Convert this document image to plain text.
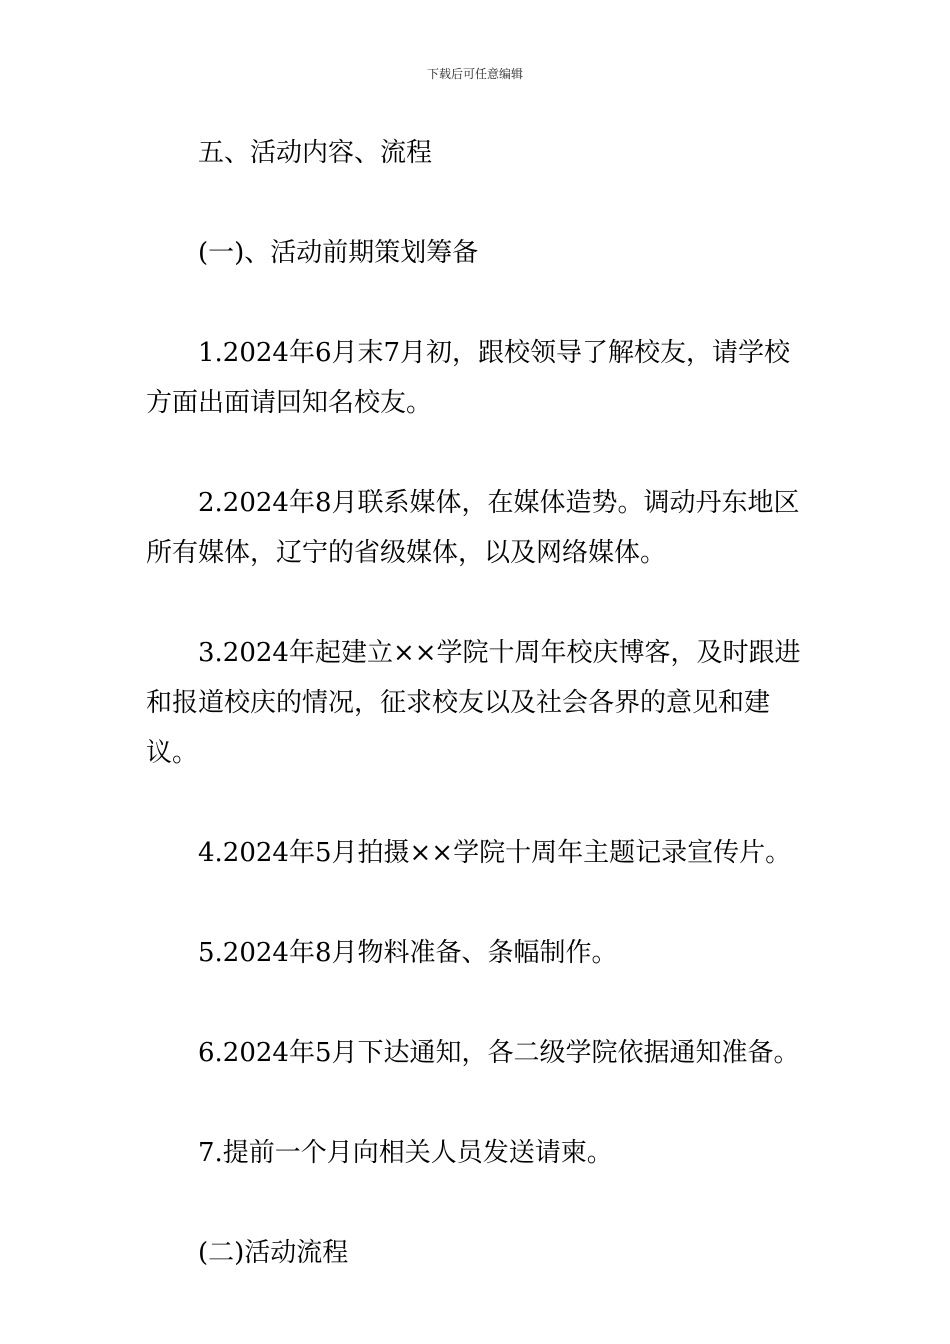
下载后可任意编辑

五、活动内容、流程

(一)、活动前期策划筹备

1.2024年6月末7月初，跟校领导了解校友，请学校方面出面请回知名校友。

2.2024年8月联系媒体，在媒体造势。调动丹东地区所有媒体，辽宁的省级媒体，以及网络媒体。

3.2024年起建立××学院十周年校庆博客，及时跟进和报道校庆的情况，征求校友以及社会各界的意见和建议。

4.2024年5月拍摄××学院十周年主题记录宣传片。

5.2024年8月物料准备、条幅制作。

6.2024年5月下达通知，各二级学院依据通知准备。

7.提前一个月向相关人员发送请柬。

(二)活动流程
